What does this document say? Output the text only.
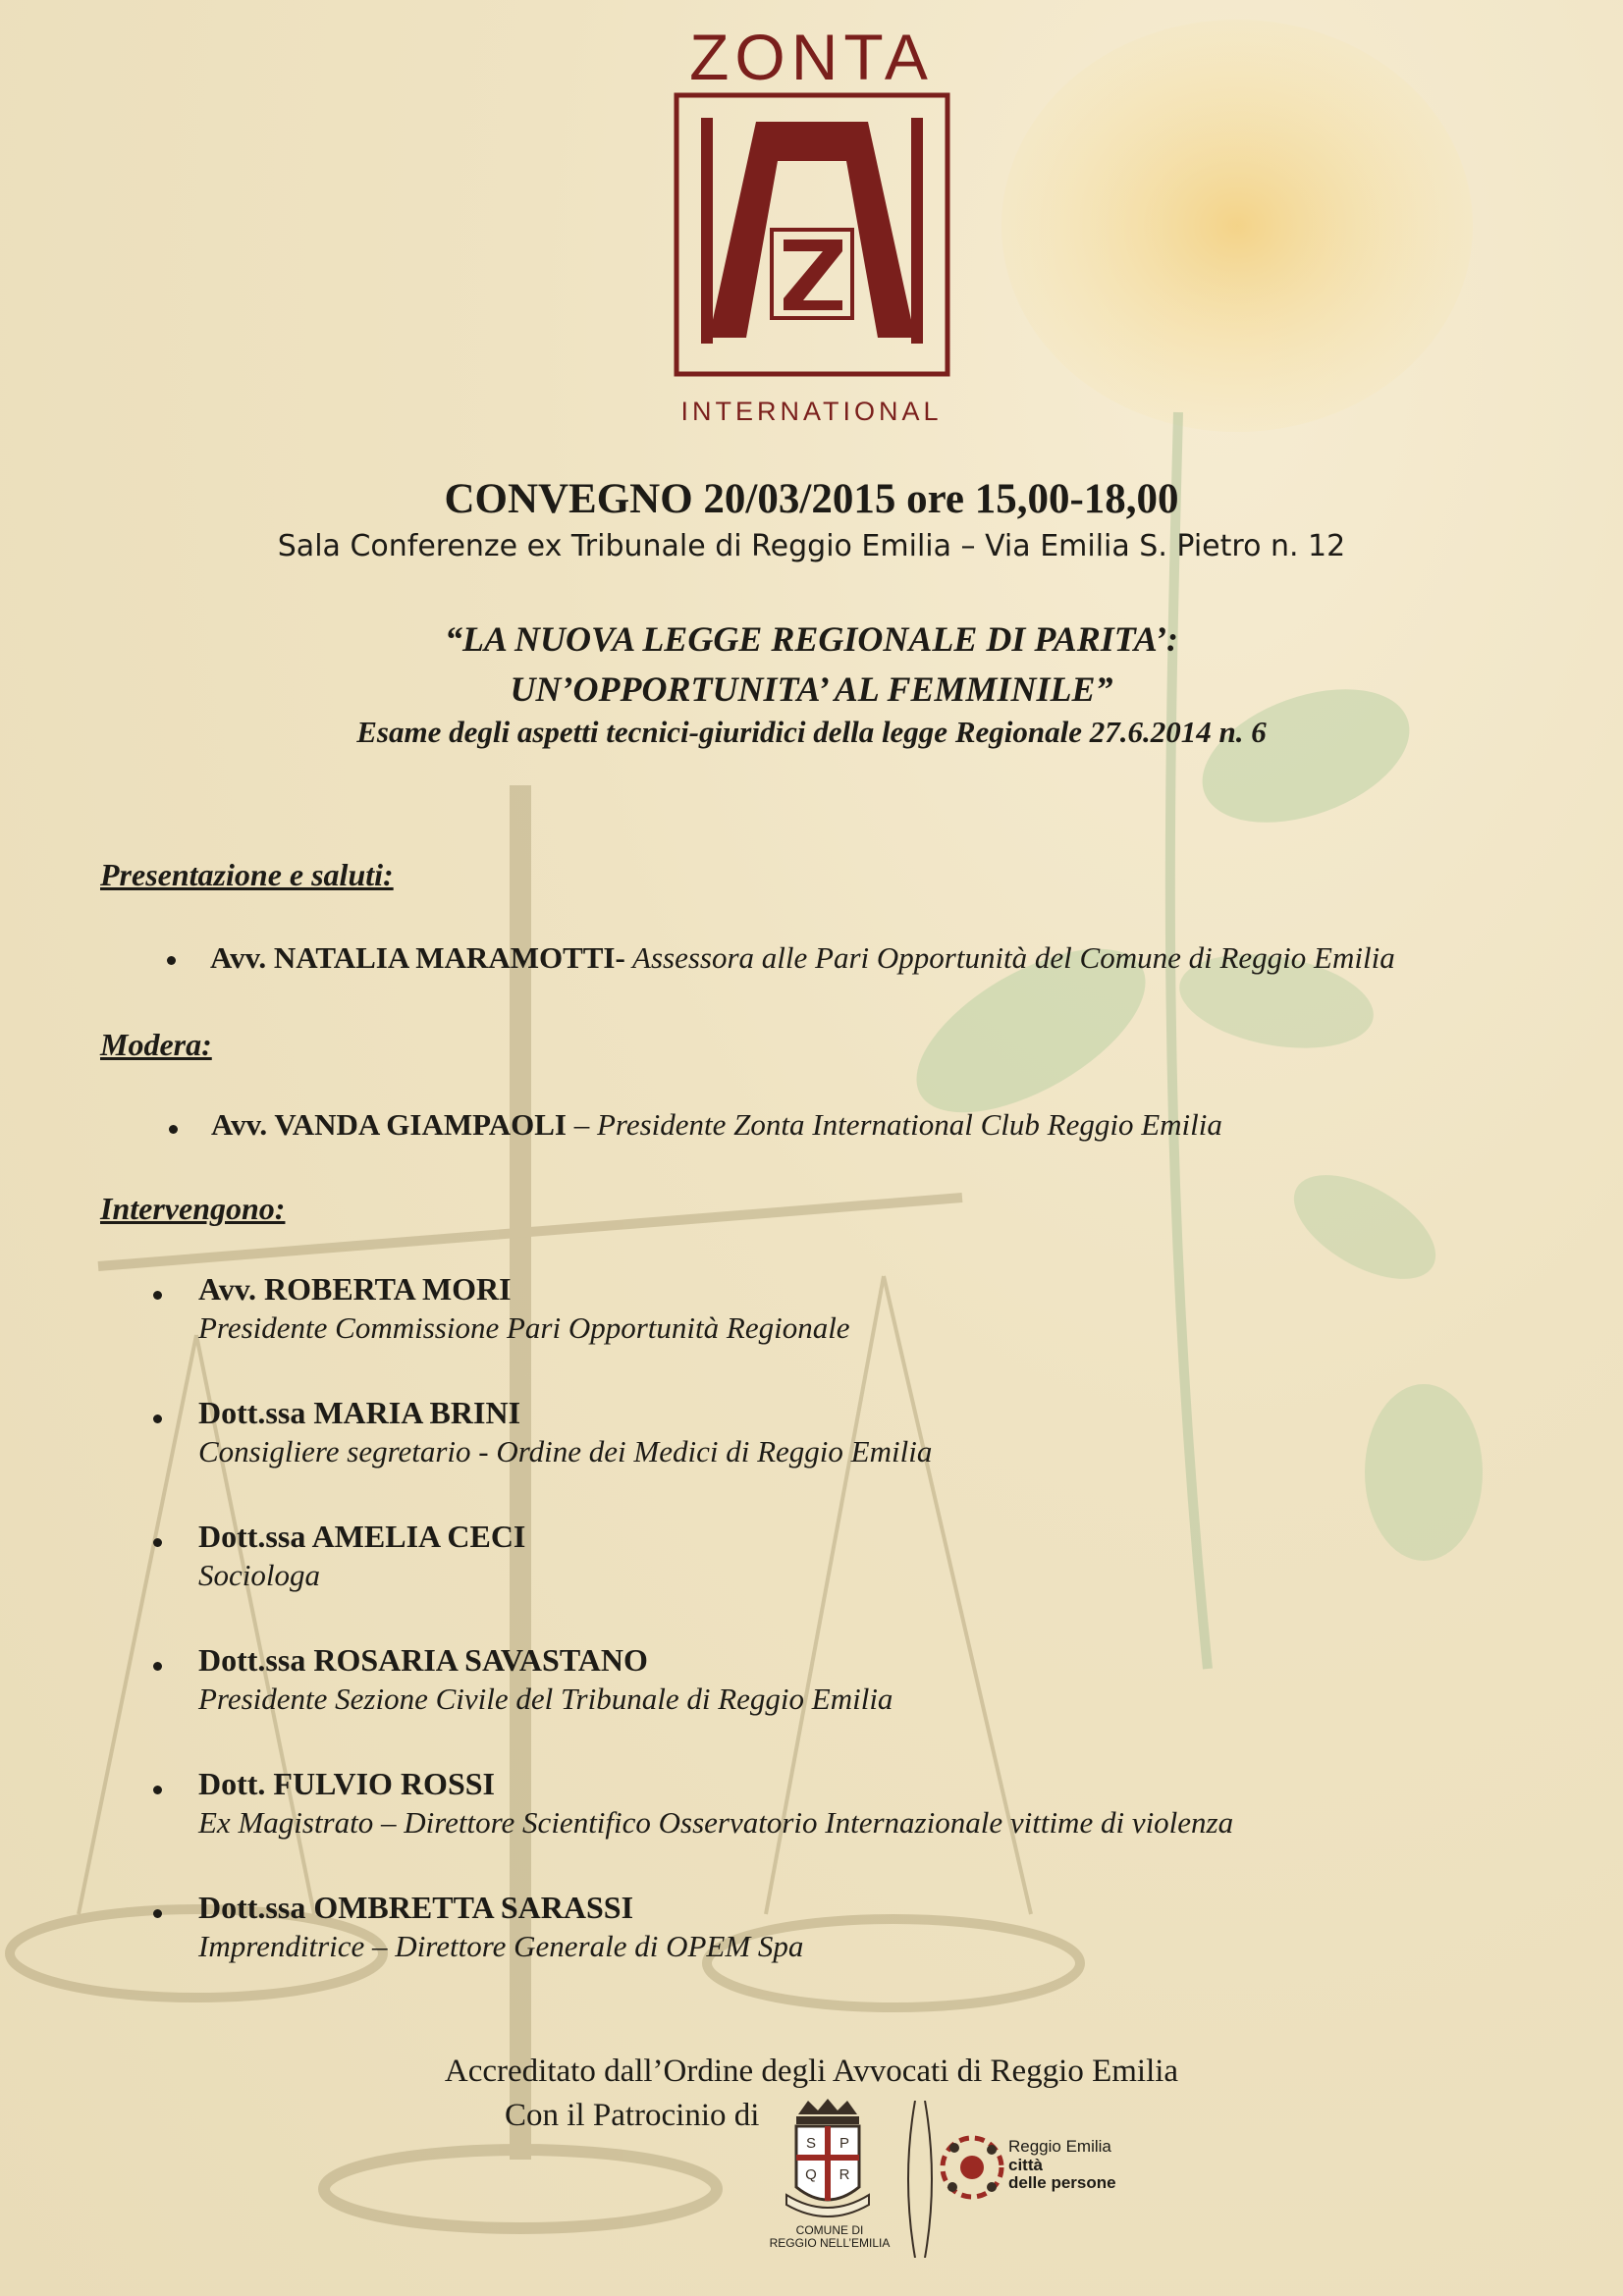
ZONTA
INTERNATIONAL
CONVEGNO 20/03/2015 ore 15,00-18,00
Sala Conferenze ex Tribunale di Reggio Emilia – Via Emilia S. Pietro n. 12
“LA NUOVA LEGGE REGIONALE DI PARITA’:
UN’OPPORTUNITA’ AL FEMMINILE”
Esame degli aspetti tecnici-giuridici della legge Regionale 27.6.2014 n. 6
Presentazione e saluti:
Avv. NATALIA MARAMOTTI- Assessora alle Pari Opportunità del Comune di Reggio Emilia
Modera:
Avv. VANDA GIAMPAOLI – Presidente Zonta International Club Reggio Emilia
Intervengono:
Avv. ROBERTA MORI
Presidente Commissione Pari Opportunità Regionale
Dott.ssa MARIA BRINI
Consigliere segretario - Ordine dei Medici di Reggio Emilia
Dott.ssa AMELIA CECI
Sociologa
Dott.ssa ROSARIA SAVASTANO
Presidente Sezione Civile del Tribunale di Reggio Emilia
Dott. FULVIO ROSSI
Ex Magistrato – Direttore Scientifico Osservatorio Internazionale vittime di violenza
Dott.ssa OMBRETTA SARASSI
Imprenditrice – Direttore Generale di OPEM Spa
Accreditato dall’Ordine degli Avvocati di Reggio Emilia
Con il Patrocinio di
S P
Q R
COMUNE DI
REGGIO NELL’EMILIA
Reggio Emilia
città
delle persone
